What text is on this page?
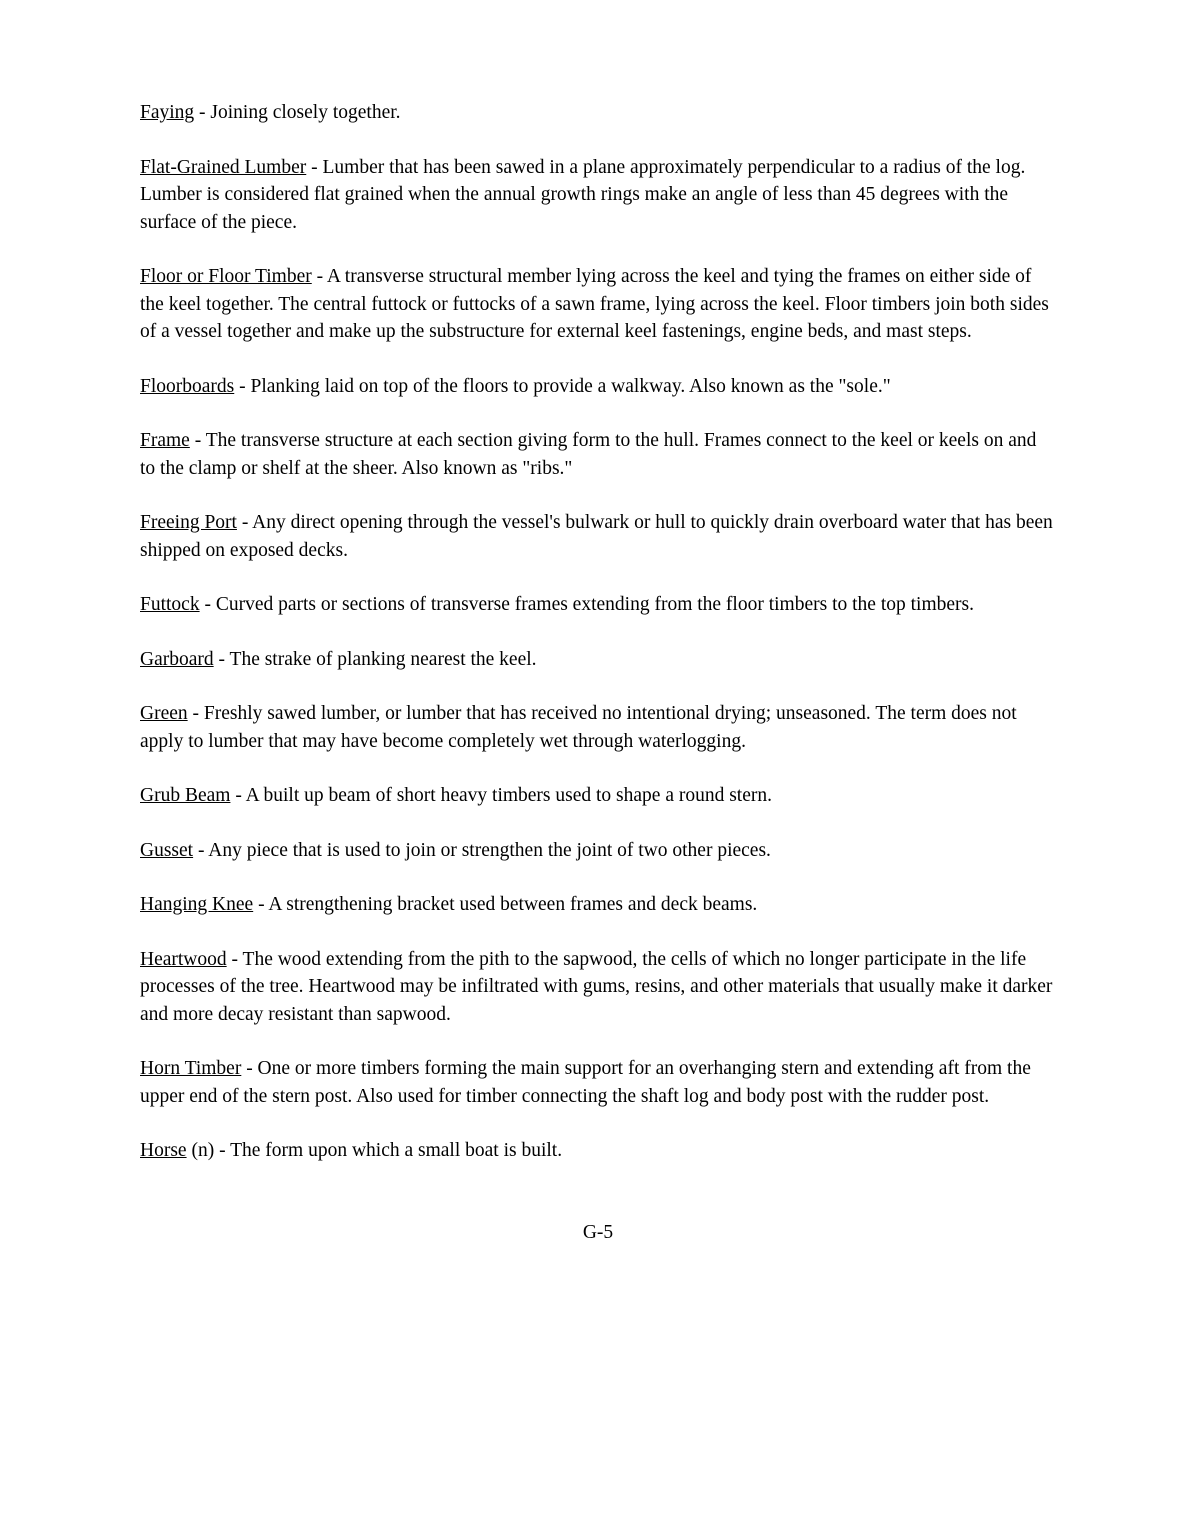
Faying - Joining closely together.

Flat-Grained Lumber - Lumber that has been sawed in a plane approximately perpendicular to a radius of the log. Lumber is considered flat grained when the annual growth rings make an angle of less than 45 degrees with the surface of the piece.

Floor or Floor Timber - A transverse structural member lying across the keel and tying the frames on either side of the keel together. The central futtock or futtocks of a sawn frame, lying across the keel. Floor timbers join both sides of a vessel together and make up the substructure for external keel fastenings, engine beds, and mast steps.

Floorboards - Planking laid on top of the floors to provide a walkway. Also known as the "sole."

Frame - The transverse structure at each section giving form to the hull. Frames connect to the keel or keels on and to the clamp or shelf at the sheer. Also known as "ribs."

Freeing Port - Any direct opening through the vessel's bulwark or hull to quickly drain overboard water that has been shipped on exposed decks.

Futtock - Curved parts or sections of transverse frames extending from the floor timbers to the top timbers.

Garboard - The strake of planking nearest the keel.

Green - Freshly sawed lumber, or lumber that has received no intentional drying; unseasoned. The term does not apply to lumber that may have become completely wet through waterlogging.

Grub Beam - A built up beam of short heavy timbers used to shape a round stern.

Gusset - Any piece that is used to join or strengthen the joint of two other pieces.

Hanging Knee - A strengthening bracket used between frames and deck beams.

Heartwood - The wood extending from the pith to the sapwood, the cells of which no longer participate in the life processes of the tree. Heartwood may be infiltrated with gums, resins, and other materials that usually make it darker and more decay resistant than sapwood.

Horn Timber - One or more timbers forming the main support for an overhanging stern and extending aft from the upper end of the stern post. Also used for timber connecting the shaft log and body post with the rudder post.

Horse (n) - The form upon which a small boat is built.

G-5
